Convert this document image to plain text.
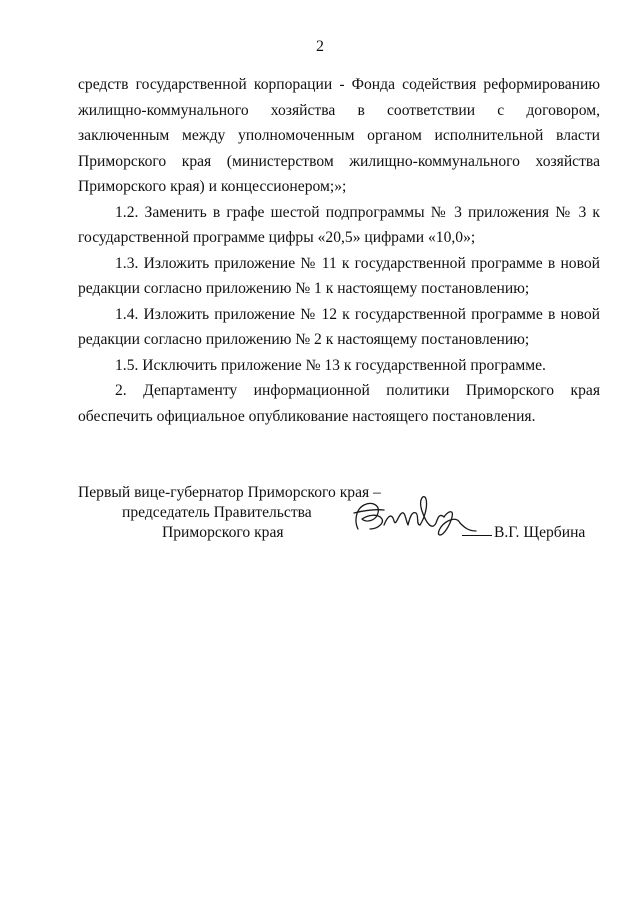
2

средств государственной корпорации - Фонда содействия реформированию жилищно-коммунального хозяйства в соответствии с договором, заключенным между уполномоченным органом исполнительной власти Приморского края (министерством жилищно-коммунального хозяйства Приморского края) и концессионером;»;

1.2. Заменить в графе шестой подпрограммы № 3 приложения № 3 к государственной программе цифры «20,5» цифрами «10,0»;

1.3. Изложить приложение № 11 к государственной программе в новой редакции согласно приложению № 1 к настоящему постановлению;

1.4. Изложить приложение № 12 к государственной программе в новой редакции согласно приложению № 2 к настоящему постановлению;

1.5. Исключить приложение № 13 к государственной программе.

2. Департаменту информационной политики Приморского края обеспечить официальное опубликование настоящего постановления.

Первый вице-губернатор Приморского края –
председатель Правительства
Приморского края	В.Г. Щербина
